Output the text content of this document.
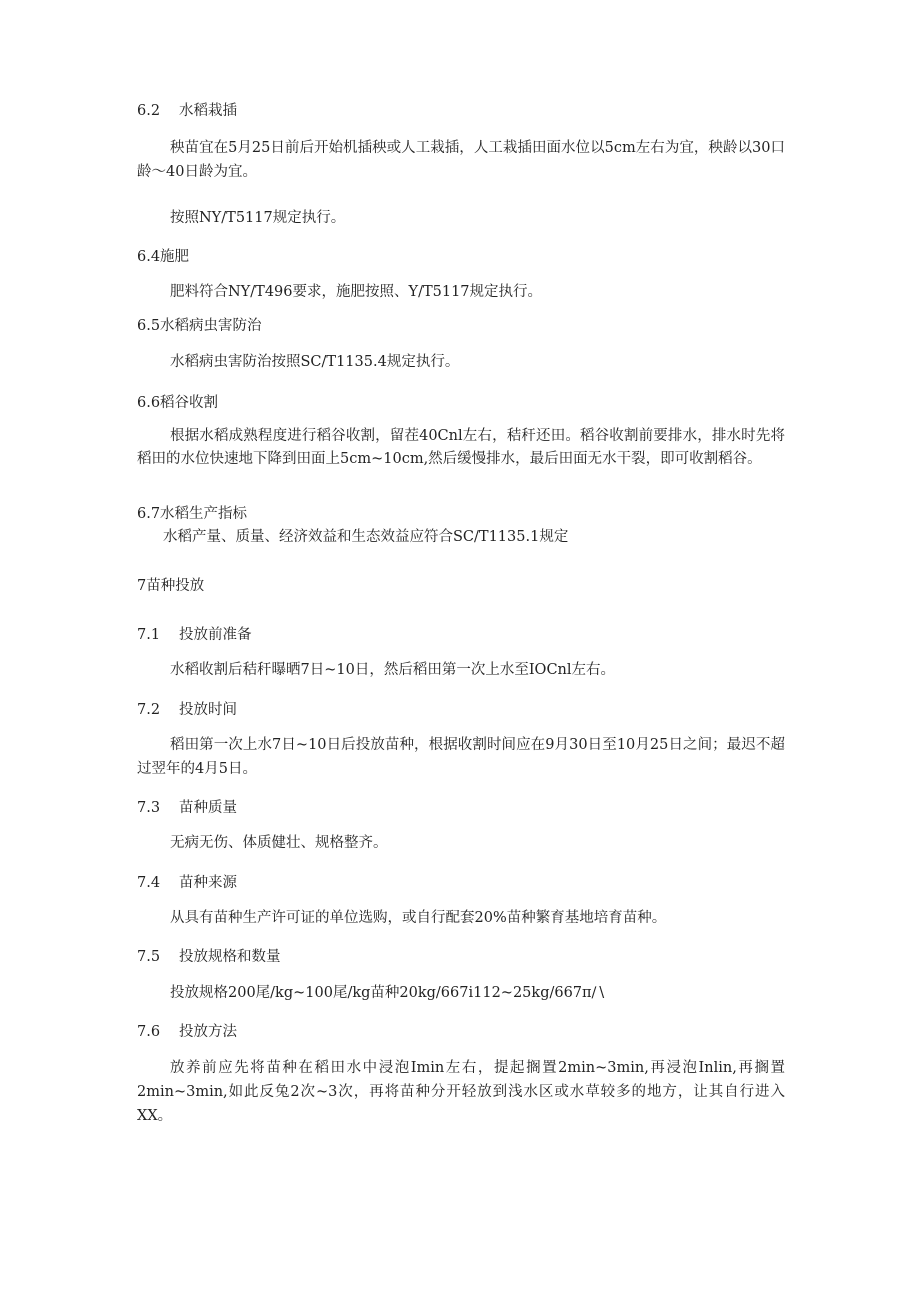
6.2 水稻栽插
秧苗宜在5月25日前后开始机插秧或人工栽插，人工栽插田面水位以5cm左右为宜，秧龄以30口龄～40日龄为宜。
按照NY/T5117规定执行。
6.4施肥
肥料符合NY/T496要求，施肥按照、Y/T5117规定执行。
6.5水稻病虫害防治
水稻病虫害防治按照SC/T1135.4规定执行。
6.6稻谷收割
根据水稻成熟程度进行稻谷收割，留茬40Cnl左右，秸秆还田。稻谷收割前要排水，排水时先将稻田的水位快速地下降到田面上5cm~10cm,然后缓慢排水，最后田面无水干裂，即可收割稻谷。
6.7水稻生产指标
水稻产量、质量、经济效益和生态效益应符合SC/T1135.1规定
7苗种投放
7.1 投放前准备
水稻收割后秸秆曝晒7日~10日，然后稻田第一次上水至IOCnl左右。
7.2 投放时间
稻田第一次上水7日~10日后投放苗种，根据收割时间应在9月30日至10月25日之间；最迟不超过翌年的4月5日。
7.3 苗种质量
无病无伤、体质健壮、规格整齐。
7.4 苗种来源
从具有苗种生产许可证的单位选购，或自行配套20%苗种繁育基地培育苗种。
7.5 投放规格和数量
投放规格200尾/kg~100尾/kg苗种20kg/667i112~25kg/667π∕∖
7.6 投放方法
放养前应先将苗种在稻田水中浸泡Imin左右，提起搁置2min~3min,再浸泡Inlin,再搁置2min~3min,如此反兔2次~3次，再将苗种分开轻放到浅水区或水草较多的地方，让其自行进入XX。
